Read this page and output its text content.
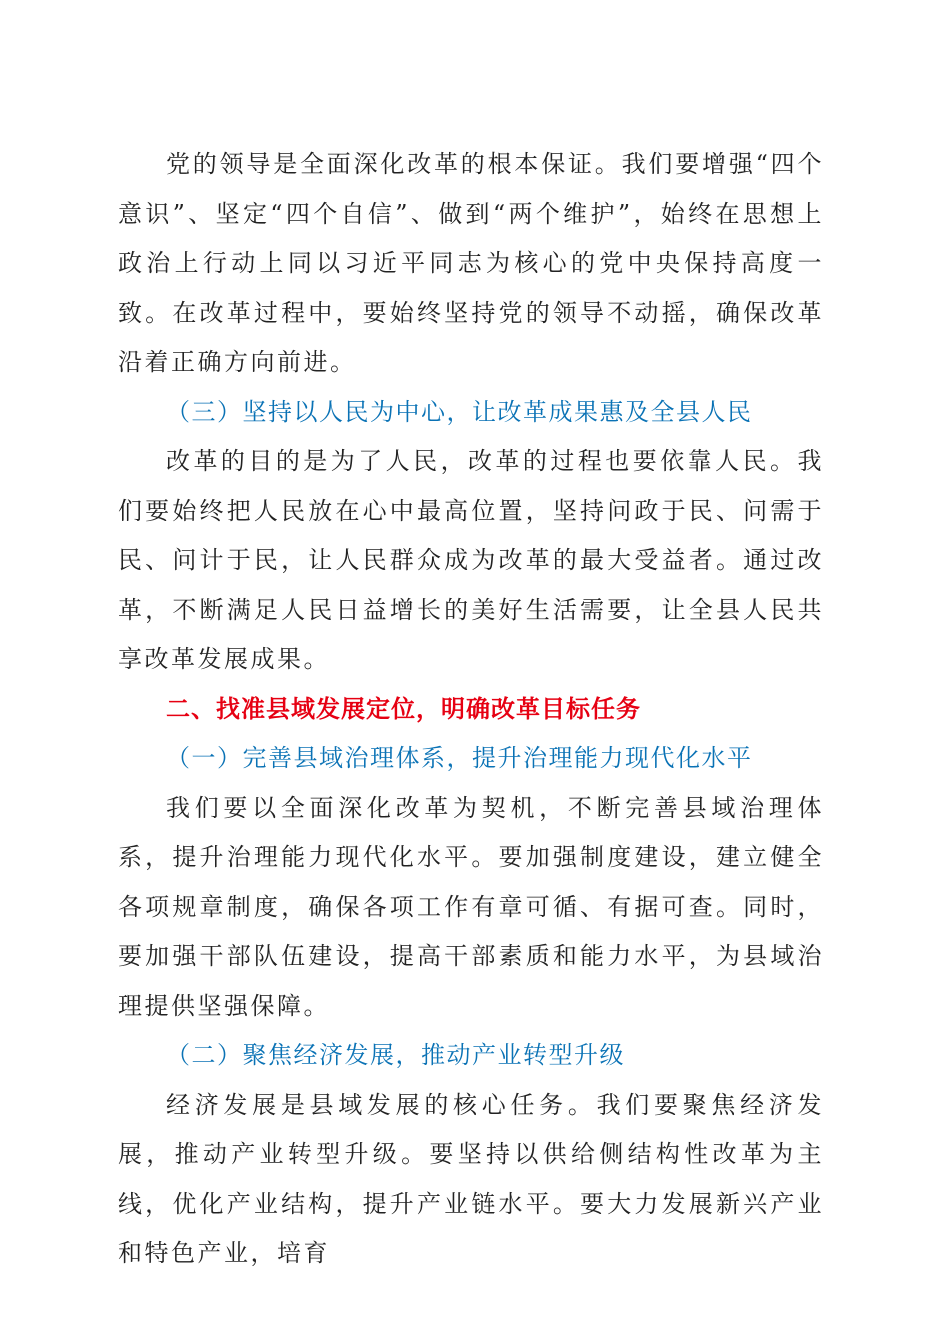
党的领导是全面深化改革的根本保证。我们要增强“四个意识”、坚定“四个自信”、做到“两个维护”，始终在思想上政治上行动上同以习近平同志为核心的党中央保持高度一致。在改革过程中，要始终坚持党的领导不动摇，确保改革沿着正确方向前进。

（三）坚持以人民为中心，让改革成果惠及全县人民

改革的目的是为了人民，改革的过程也要依靠人民。我们要始终把人民放在心中最高位置，坚持问政于民、问需于民、问计于民，让人民群众成为改革的最大受益者。通过改革，不断满足人民日益增长的美好生活需要，让全县人民共享改革发展成果。

二、找准县域发展定位，明确改革目标任务

（一）完善县域治理体系，提升治理能力现代化水平

我们要以全面深化改革为契机，不断完善县域治理体系，提升治理能力现代化水平。要加强制度建设，建立健全各项规章制度，确保各项工作有章可循、有据可查。同时，要加强干部队伍建设，提高干部素质和能力水平，为县域治理提供坚强保障。

（二）聚焦经济发展，推动产业转型升级

经济发展是县域发展的核心任务。我们要聚焦经济发展，推动产业转型升级。要坚持以供给侧结构性改革为主线，优化产业结构，提升产业链水平。要大力发展新兴产业和特色产业，培育
